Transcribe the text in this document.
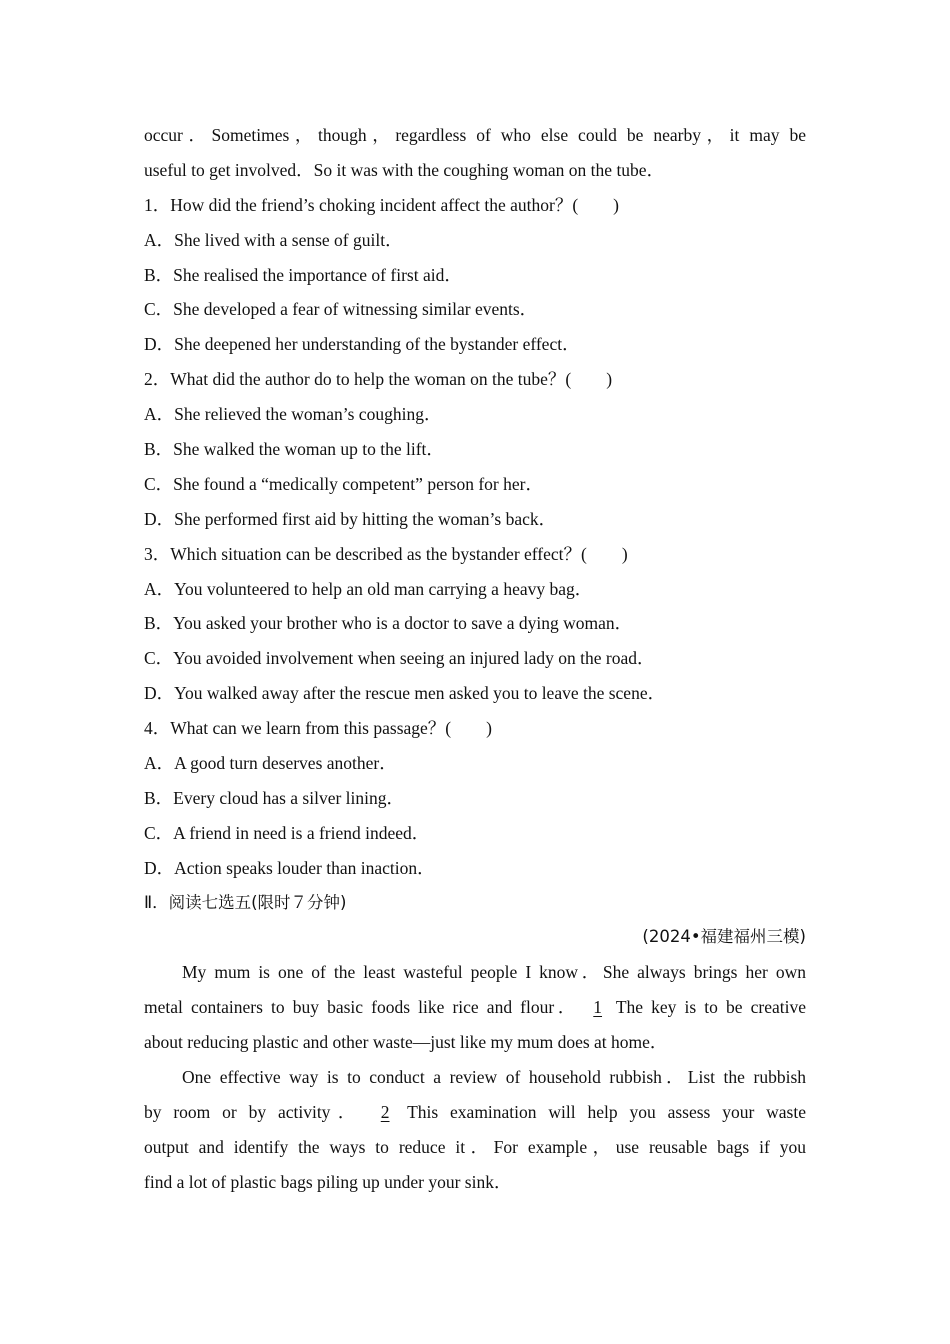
occur．Sometimes，though，regardless of who else could be nearby，it may be
useful to get involved．So it was with the coughing woman on the tube．
1．How did the friend’s choking incident affect the author？(　　)
A．She lived with a sense of guilt．
B．She realised the importance of first aid．
C．She developed a fear of witnessing similar events．
D．She deepened her understanding of the bystander effect．
2．What did the author do to help the woman on the tube？(　　)
A．She relieved the woman’s coughing．
B．She walked the woman up to the lift．
C．She found a “medically competent” person for her．
D．She performed first aid by hitting the woman’s back．
3．Which situation can be described as the bystander effect？(　　)
A．You volunteered to help an old man carrying a heavy bag．
B．You asked your brother who is a doctor to save a dying woman．
C．You avoided involvement when seeing an injured lady on the road．
D．You walked away after the rescue men asked you to leave the scene．
4．What can we learn from this passage？(　　)
A．A good turn deserves another．
B．Every cloud has a silver lining．
C．A friend in need is a friend indeed．
D．Action speaks louder than inaction．
Ⅱ．阅读七选五(限时７分钟)
(2024•福建福州三模)
My mum is one of the least wasteful people I know．She always brings her own
metal containers to buy basic foods like rice and flour． 1 The key is to be creative
about reducing plastic and other waste—just like my mum does at home．
One effective way is to conduct a review of household rubbish．List the rubbish
by room or by activity． 2 This examination will help you assess your waste
output and identify the ways to reduce it．For example，use reusable bags if you
find a lot of plastic bags piling up under your sink．
